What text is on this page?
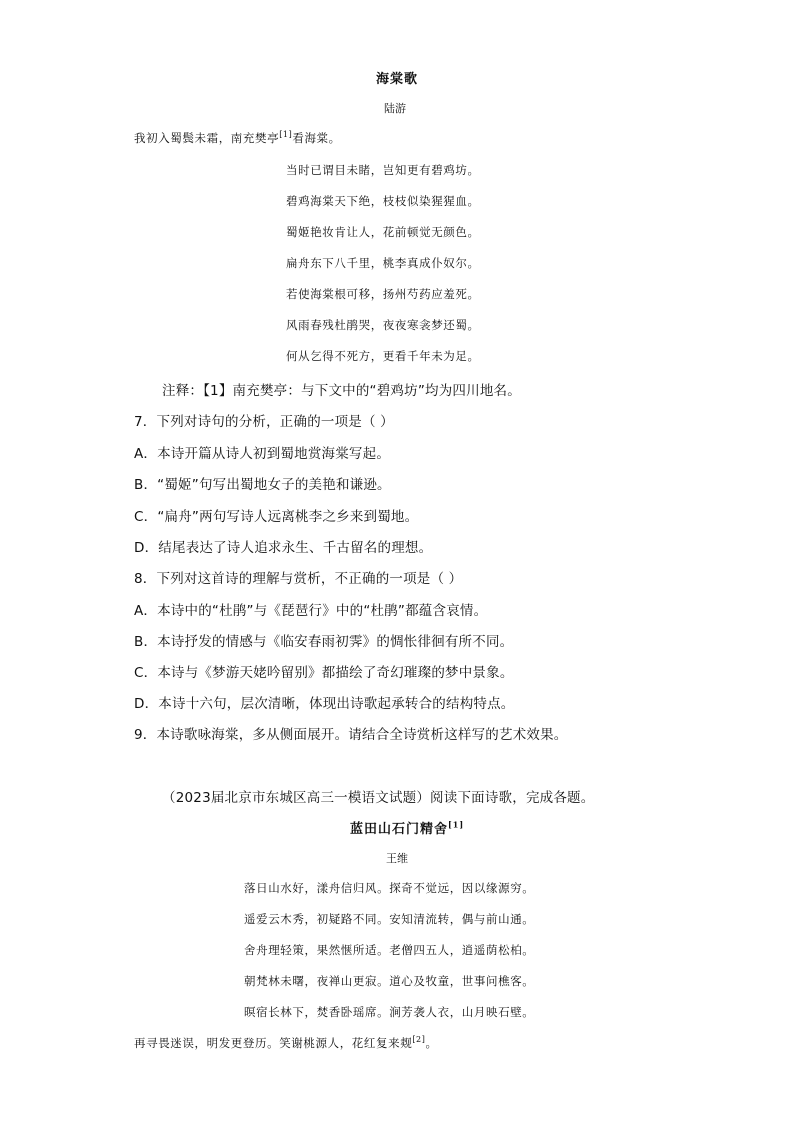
海棠歌
陆游
我初入蜀鬓未霜，南充樊亭[1]看海棠。
当时已谓目未睹，岂知更有碧鸡坊。
碧鸡海棠天下绝，枝枝似染猩猩血。
蜀姬艳妆肯让人，花前顿觉无颜色。
扁舟东下八千里，桃李真成仆奴尔。
若使海棠根可移，扬州芍药应羞死。
风雨春残杜鹃哭，夜夜寒衾梦还蜀。
何从乞得不死方，更看千年未为足。
注释：【1】南充樊亭：与下文中的“碧鸡坊”均为四川地名。
7．下列对诗句的分析，正确的一项是（ ）
A．本诗开篇从诗人初到蜀地赏海棠写起。
B．“蜀姬”句写出蜀地女子的美艳和谦逊。
C．“扁舟”两句写诗人远离桃李之乡来到蜀地。
D．结尾表达了诗人追求永生、千古留名的理想。
8．下列对这首诗的理解与赏析，不正确的一项是（ ）
A．本诗中的“杜鹃”与《琵琶行》中的“杜鹃”都蕴含哀情。
B．本诗抒发的情感与《临安春雨初霁》的惆怅徘徊有所不同。
C．本诗与《梦游天姥吟留别》都描绘了奇幻璀璨的梦中景象。
D．本诗十六句，层次清晰，体现出诗歌起承转合的结构特点。
9．本诗歌咏海棠，多从侧面展开。请结合全诗赏析这样写的艺术效果。
（2023届北京市东城区高三一模语文试题）阅读下面诗歌，完成各题。
蓝田山石门精舍[1]
王维
落日山水好，漾舟信归风。探奇不觉远，因以缘源穷。
遥爱云木秀，初疑路不同。安知清流转，偶与前山通。
舍舟理轻策，果然惬所适。老僧四五人，逍遥荫松柏。
朝梵林未曙，夜禅山更寂。道心及牧童，世事问樵客。
暝宿长林下，焚香卧瑶席。涧芳袭人衣，山月映石壁。
再寻畏迷误，明发更登历。笑谢桃源人，花红复来觌[2]。
